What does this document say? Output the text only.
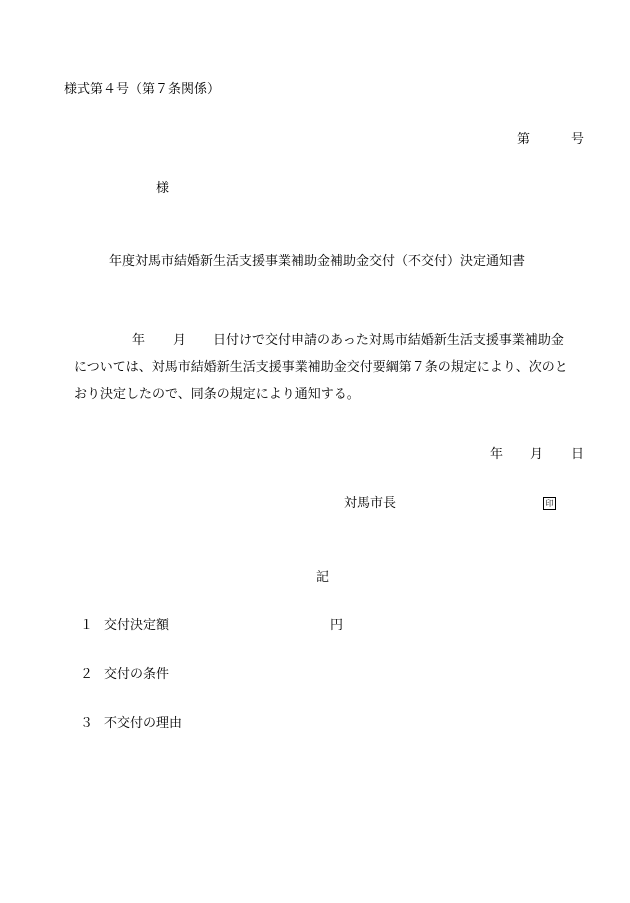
様式第４号（第７条関係）
第	号
様
年度対馬市結婚新生活支援事業補助金補助金交付（不交付）決定通知書
年 月 日付けで交付申請のあった対馬市結婚新生活支援事業補助金
については、対馬市結婚新生活支援事業補助金交付要綱第７条の規定により、次のと
おり決定したので、同条の規定により通知する。
年 月 日
対馬市長	印
記
１ 交付決定額	円
２ 交付の条件
３ 不交付の理由
